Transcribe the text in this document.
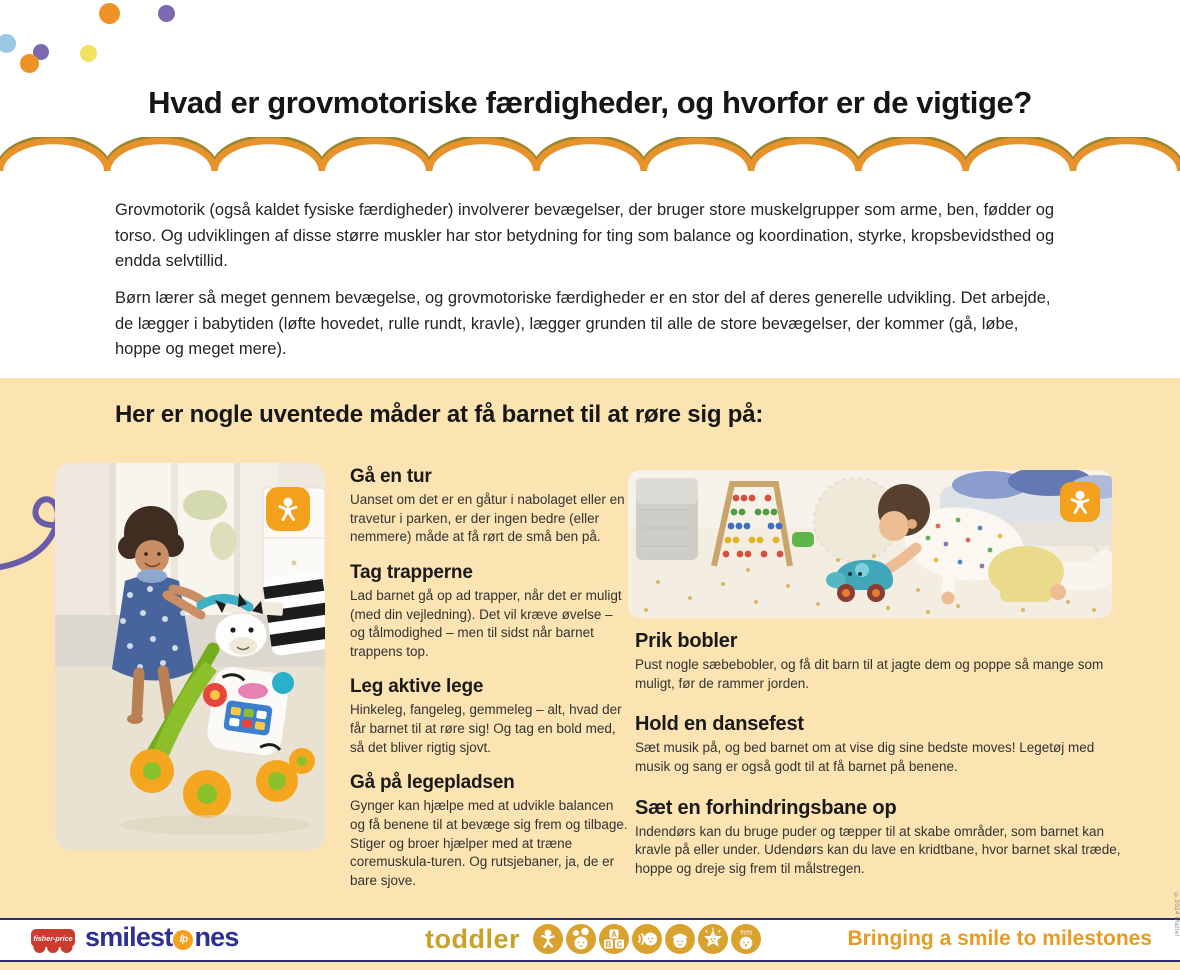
Hvad er grovmotoriske færdigheder, og hvorfor er de vigtige?

Grovmotorik (også kaldet fysiske færdigheder) involverer bevægelser, der bruger store muskelgrupper som arme, ben, fødder og torso. Og udviklingen af disse større muskler har stor betydning for ting som balance og koordination, styrke, kropsbevidsthed og endda selvtillid.

Børn lærer så meget gennem bevægelse, og grovmotoriske færdigheder er en stor del af deres generelle udvikling. Det arbejde, de lægger i babytiden (løfte hovedet, rulle rundt, kravle), lægger grunden til alle de store bevægelser, der kommer (gå, løbe, hoppe og meget mere).

Her er nogle uventede måder at få barnet til at røre sig på:
Gå en tur

Uanset om det er en gåtur i nabolaget eller en travetur i parken, er der ingen bedre (eller nemmere) måde at få rørt de små ben på.

Tag trapperne

Lad barnet gå op ad trapper, når det er muligt (med din vejledning). Det vil kræve øvelse – og tålmodighed – men til sidst når barnet trappens top.

Leg aktive lege

Hinkeleg, fangeleg, gemmeleg – alt, hvad der får barnet til at røre sig! Og tag en bold med, så det bliver rigtig sjovt.

Gå på legepladsen

Gynger kan hjælpe med at udvikle balancen og få benene til at bevæge sig frem og tilbage. Stiger og broer hjælper med at træne coremuskula-turen. Og rutsjebaner, ja, de er bare sjove.

Prik bobler

Pust nogle sæbebobler, og få dit barn til at jagte dem og poppe så mange som muligt, før de rammer jorden.

Hold en dansefest

Sæt musik på, og bed barnet om at vise dig sine bedste moves! Legetøj med musik og sang er også godt til at få barnet på benene.

Sæt en forhindringsbane op

Indendørs kan du bruge puder og tæpper til at skabe områder, som barnet kan kravle på eller under. Udendørs kan du lave en kridtbane, hvor barnet skal træde, hoppe og dreje sig frem til målstregen.

fisher-price smilest fp nes	toddler	A
B C
?!?!	Bringing a smile to milestones
©2024 Mattel
